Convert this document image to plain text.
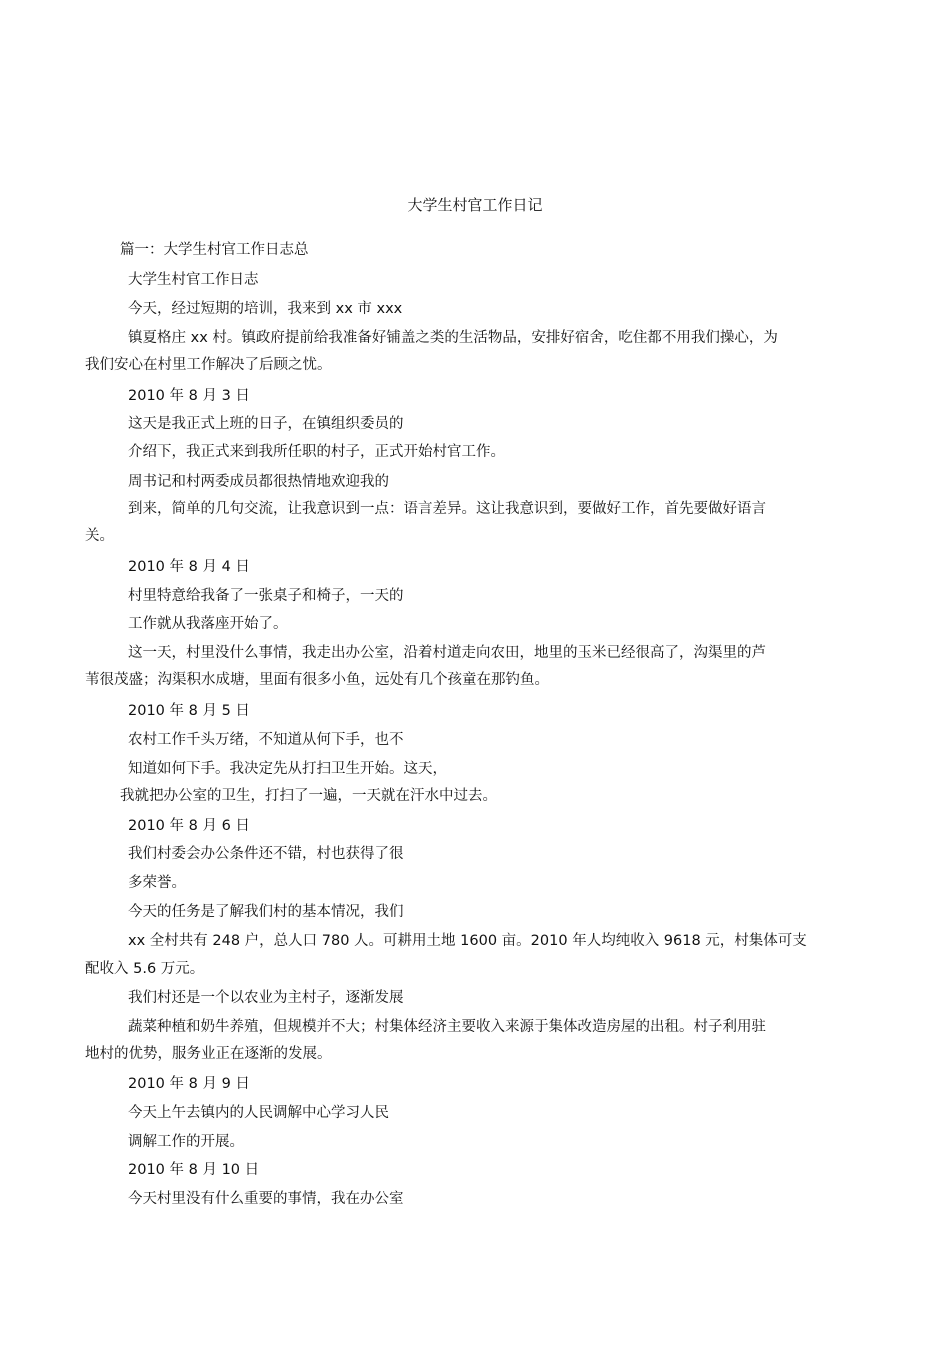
大学生村官工作日记
篇一：大学生村官工作日志总
大学生村官工作日志
今天，经过短期的培训，我来到 xx 市 xxx
镇夏格庄 xx 村。镇政府提前给我准备好铺盖之类的生活物品，安排好宿舍，吃住都不用我们操心，为
我们安心在村里工作解决了后顾之忧。
2010 年 8 月 3 日
这天是我正式上班的日子，在镇组织委员的
介绍下，我正式来到我所任职的村子，正式开始村官工作。
周书记和村两委成员都很热情地欢迎我的
到来，简单的几句交流，让我意识到一点：语言差异。这让我意识到，要做好工作，首先要做好语言
关。
2010 年 8 月 4 日
村里特意给我备了一张桌子和椅子，一天的
工作就从我落座开始了。
这一天，村里没什么事情，我走出办公室，沿着村道走向农田，地里的玉米已经很高了，沟渠里的芦
苇很茂盛；沟渠积水成塘，里面有很多小鱼，远处有几个孩童在那钓鱼。
2010 年 8 月 5 日
农村工作千头万绪，不知道从何下手，也不
知道如何下手。我决定先从打扫卫生开始。这天，
我就把办公室的卫生，打扫了一遍，一天就在汗水中过去。
2010 年 8 月 6 日
我们村委会办公条件还不错，村也获得了很
多荣誉。
今天的任务是了解我们村的基本情况，我们
xx 全村共有 248 户，总人口 780 人。可耕用土地 1600 亩。2010 年人均纯收入 9618 元，村集体可支
配收入 5.6 万元。
我们村还是一个以农业为主村子，逐渐发展
蔬菜种植和奶牛养殖，但规模并不大；村集体经济主要收入来源于集体改造房屋的出租。村子利用驻
地村的优势，服务业正在逐渐的发展。
2010 年 8 月 9 日
今天上午去镇内的人民调解中心学习人民
调解工作的开展。
2010 年 8 月 10 日
今天村里没有什么重要的事情，我在办公室
